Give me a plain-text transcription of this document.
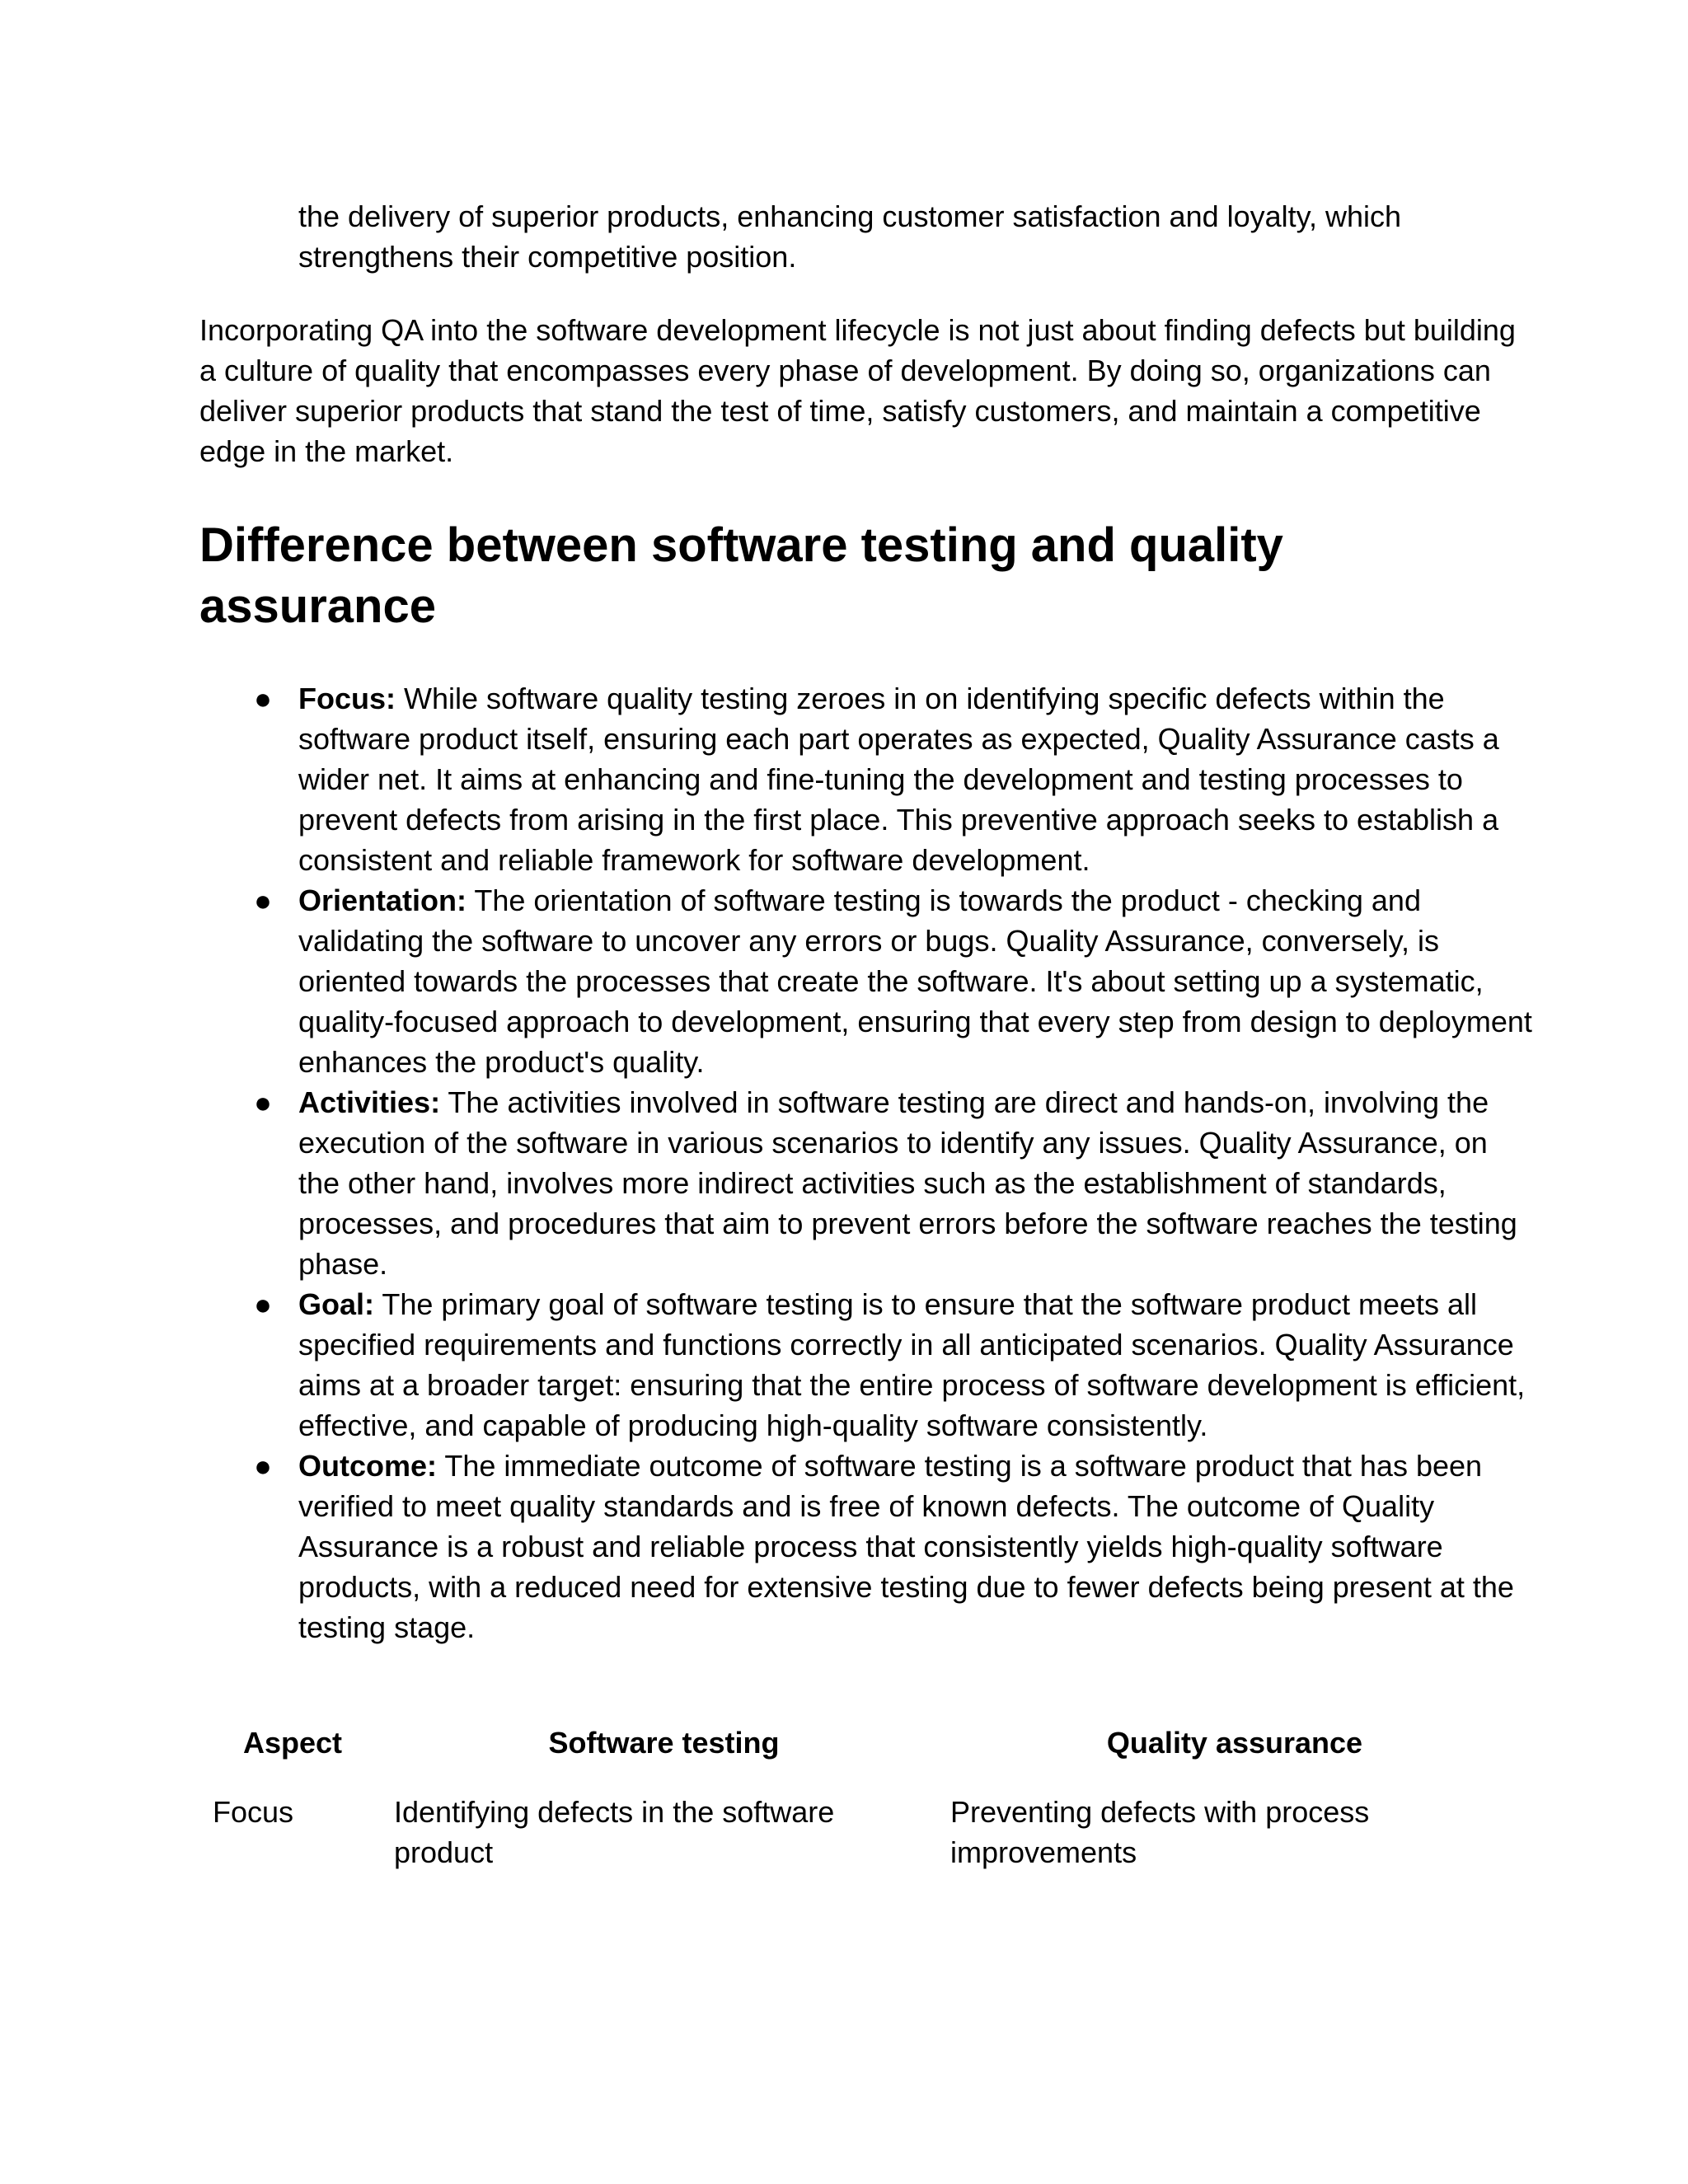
the delivery of superior products, enhancing customer satisfaction and loyalty, which strengthens their competitive position.

Incorporating QA into the software development lifecycle is not just about finding defects but building a culture of quality that encompasses every phase of development. By doing so, organizations can deliver superior products that stand the test of time, satisfy customers, and maintain a competitive edge in the market.

Difference between software testing and quality assurance
● Focus: While software quality testing zeroes in on identifying specific defects within the software product itself, ensuring each part operates as expected, Quality Assurance casts a wider net. It aims at enhancing and fine-tuning the development and testing processes to prevent defects from arising in the first place. This preventive approach seeks to establish a consistent and reliable framework for software development.
● Orientation: The orientation of software testing is towards the product - checking and validating the software to uncover any errors or bugs. Quality Assurance, conversely, is oriented towards the processes that create the software. It's about setting up a systematic, quality-focused approach to development, ensuring that every step from design to deployment enhances the product's quality.
● Activities: The activities involved in software testing are direct and hands-on, involving the execution of the software in various scenarios to identify any issues. Quality Assurance, on the other hand, involves more indirect activities such as the establishment of standards, processes, and procedures that aim to prevent errors before the software reaches the testing phase.
● Goal: The primary goal of software testing is to ensure that the software product meets all specified requirements and functions correctly in all anticipated scenarios. Quality Assurance aims at a broader target: ensuring that the entire process of software development is efficient, effective, and capable of producing high-quality software consistently.
● Outcome: The immediate outcome of software testing is a software product that has been verified to meet quality standards and is free of known defects. The outcome of Quality Assurance is a robust and reliable process that consistently yields high-quality software products, with a reduced need for extensive testing due to fewer defects being present at the testing stage.
Aspect	Software testing	Quality assurance
Focus	Identifying defects in the software product	Preventing defects with process improvements
